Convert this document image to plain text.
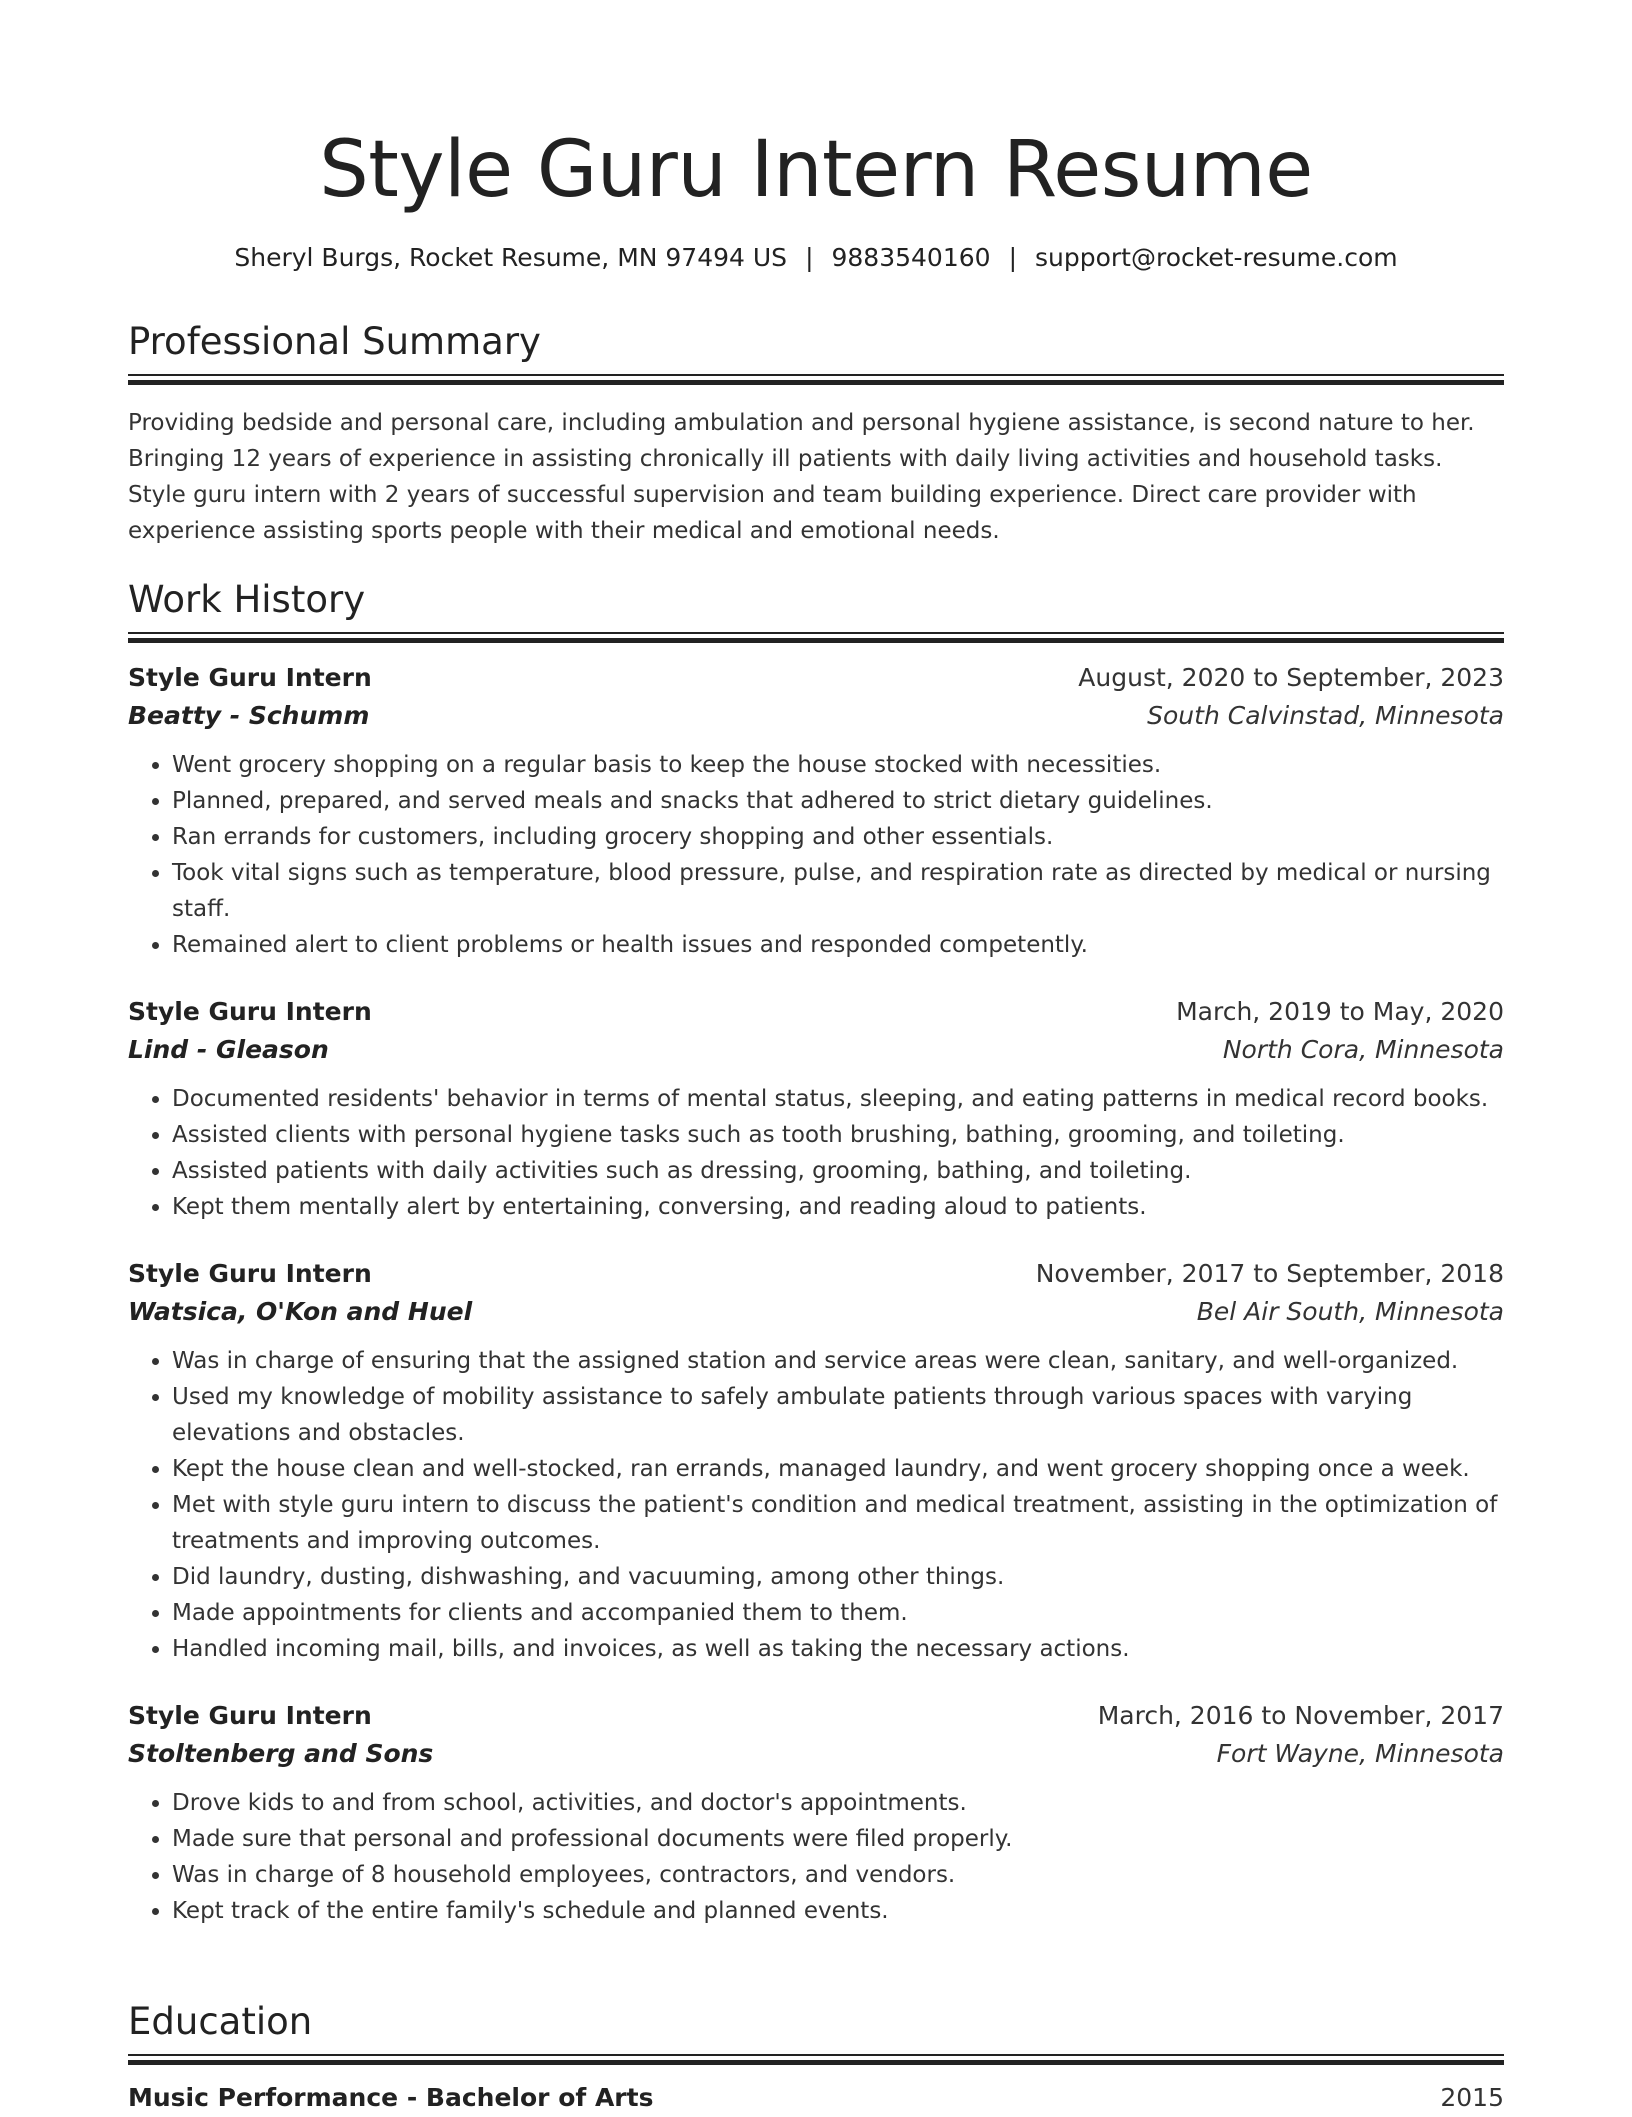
Style Guru Intern Resume
Sheryl Burgs, Rocket Resume, MN 97494 US | 9883540160 | support@rocket-resume.com
Professional Summary

Providing bedside and personal care, including ambulation and personal hygiene assistance, is second nature to her. Bringing 12 years of experience in assisting chronically ill patients with daily living activities and household tasks. Style guru intern with 2 years of successful supervision and team building experience. Direct care provider with experience assisting sports people with their medical and emotional needs.

Work History
Style Guru Intern	August, 2020 to September, 2023
Beatty - Schumm	South Calvinstad, Minnesota
• Went grocery shopping on a regular basis to keep the house stocked with necessities.
• Planned, prepared, and served meals and snacks that adhered to strict dietary guidelines.
• Ran errands for customers, including grocery shopping and other essentials.
• Took vital signs such as temperature, blood pressure, pulse, and respiration rate as directed by medical or nursing staff.
• Remained alert to client problems or health issues and responded competently.
Style Guru Intern	March, 2019 to May, 2020
Lind - Gleason	North Cora, Minnesota
• Documented residents' behavior in terms of mental status, sleeping, and eating patterns in medical record books.
• Assisted clients with personal hygiene tasks such as tooth brushing, bathing, grooming, and toileting.
• Assisted patients with daily activities such as dressing, grooming, bathing, and toileting.
• Kept them mentally alert by entertaining, conversing, and reading aloud to patients.
Style Guru Intern	November, 2017 to September, 2018
Watsica, O'Kon and Huel	Bel Air South, Minnesota
• Was in charge of ensuring that the assigned station and service areas were clean, sanitary, and well-organized.
• Used my knowledge of mobility assistance to safely ambulate patients through various spaces with varying elevations and obstacles.
• Kept the house clean and well-stocked, ran errands, managed laundry, and went grocery shopping once a week.
• Met with style guru intern to discuss the patient's condition and medical treatment, assisting in the optimization of treatments and improving outcomes.
• Did laundry, dusting, dishwashing, and vacuuming, among other things.
• Made appointments for clients and accompanied them to them.
• Handled incoming mail, bills, and invoices, as well as taking the necessary actions.
Style Guru Intern	March, 2016 to November, 2017
Stoltenberg and Sons	Fort Wayne, Minnesota
• Drove kids to and from school, activities, and doctor's appointments.
• Made sure that personal and professional documents were filed properly.
• Was in charge of 8 household employees, contractors, and vendors.
• Kept track of the entire family's schedule and planned events.
Education
Music Performance - Bachelor of Arts	2015
